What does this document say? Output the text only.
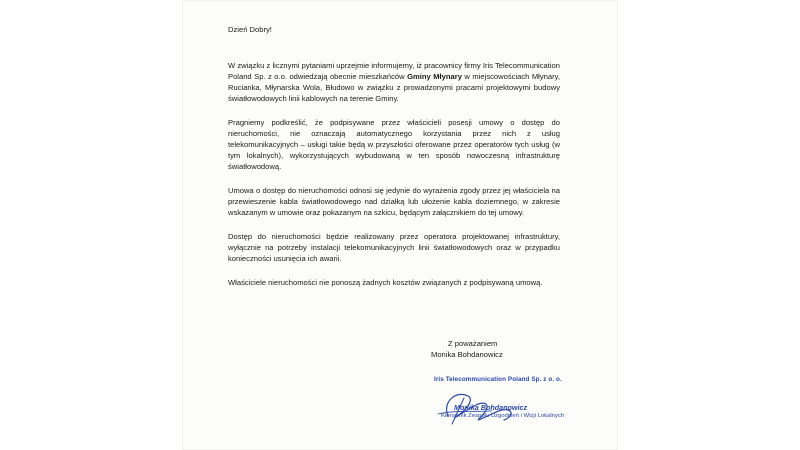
Dzień Dobry!

W związku z licznymi pytaniami uprzejmie informujemy, iż pracownicy firmy Iris Telecommunication Poland Sp. z o.o. odwiedzają obecnie mieszkańców Gminy Młynary w miejscowościach Młynary, Rucianka, Młynarska Wola, Błudowo w związku z prowadzonymi pracami projektowymi budowy światłowodowych linii kablowych na terenie Gminy.

Pragniemy podkreślić, że podpisywane przez właścicieli posesji umowy o dostęp do nieruchomości, nie oznaczają automatycznego korzystania przez nich z usług telekomunikacyjnych – usługi takie będą w przyszłości oferowane przez operatorów tych usług (w tym lokalnych), wykorzystujących wybudowaną w ten sposób nowoczesną infrastrukturę światłowodową.

Umowa o dostęp do nieruchomości odnosi się jedynie do wyrażenia zgody przez jej właściciela na przewieszenie kabla światłowodowego nad działką lub ułożenie kabla doziemnego, w zakresie wskazanym w umowie oraz pokazanym na szkicu, będącym załącznikiem do tej umowy.

Dostęp do nieruchomości będzie realizowany przez operatora projektowanej infrastruktury, wyłącznie na potrzeby instalacji telekomunikacyjnych linii światłowodowych oraz w przypadku konieczności usunięcia ich awarii.

Właściciele nieruchomości nie ponoszą żadnych kosztów związanych z podpisywaną umową.

Z poważaniem
Monika Bohdanowicz
Iris Telecommunication Poland Sp. z o. o.
Monika Bohdanowicz
Kierownik Zespołu Uzgodnień i Wizji Lokalnych
